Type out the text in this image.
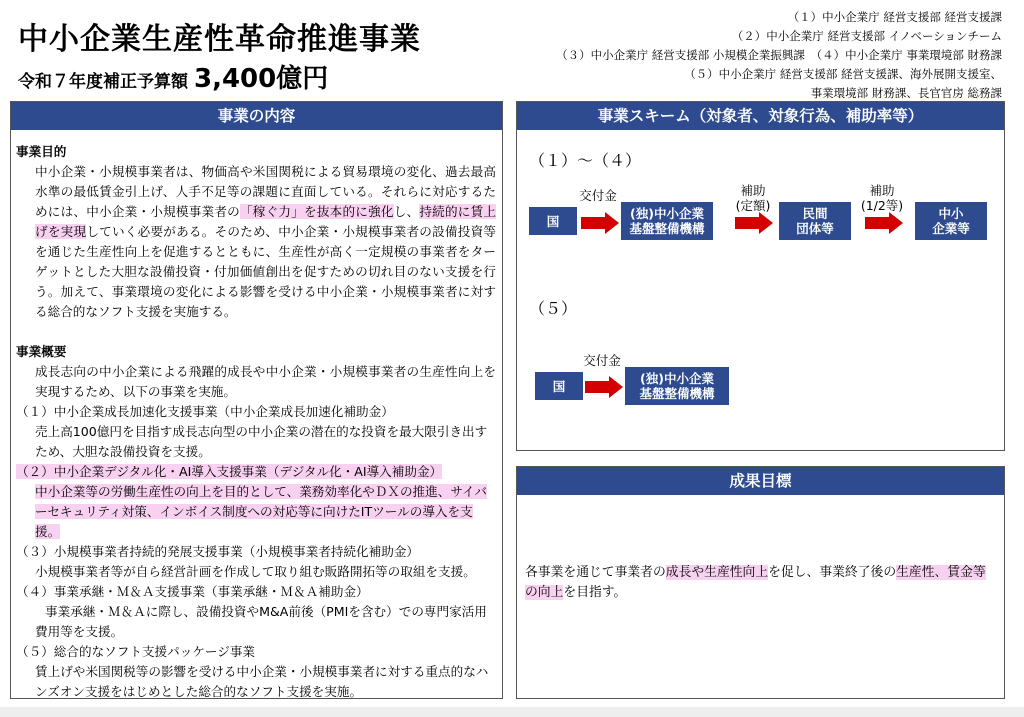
中小企業生産性革命推進事業
令和７年度補正予算額 3,400億円
（１）中小企業庁 経営支援部 経営支援課
（２）中小企業庁 経営支援部 イノベーションチーム
（３）中小企業庁 経営支援部 小規模企業振興課　（４）中小企業庁 事業環境部 財務課
（５）中小企業庁 経営支援部 経営支援課、海外展開支援室、
事業環境部 財務課、長官官房 総務課
事業の内容
事業目的
中小企業・小規模事業者は、物価高や米国関税による貿易環境の変化、過去最高水準の最低賃金引上げ、人手不足等の課題に直面している。それらに対応するためには、中小企業・小規模事業者の「稼ぐ力」を抜本的に強化し、持続的に賃上げを実現していく必要がある。そのため、中小企業・小規模事業者の設備投資等を通じた生産性向上を促進するとともに、生産性が高く一定規模の事業者をターゲットとした大胆な設備投資・付加価値創出を促すための切れ目のない支援を行う。加えて、事業環境の変化による影響を受ける中小企業・小規模事業者に対する総合的なソフト支援を実施する。
事業概要
成長志向の中小企業による飛躍的成長や中小企業・小規模事業者の生産性向上を実現するため、以下の事業を実施。
（１）中小企業成長加速化支援事業（中小企業成長加速化補助金）
売上高100億円を目指す成長志向型の中小企業の潜在的な投資を最大限引き出すため、大胆な設備投資を支援。
（２）中小企業デジタル化・AI導入支援事業（デジタル化・AI導入補助金）
中小企業等の労働生産性の向上を目的として、業務効率化やＤＸの推進、サイバーセキュリティ対策、インボイス制度への対応等に向けたITツールの導入を支援。
（３）小規模事業者持続的発展支援事業（小規模事業者持続化補助金）
小規模事業者等が自ら経営計画を作成して取り組む販路開拓等の取組を支援。
（４）事業承継・Ｍ＆Ａ支援事業（事業承継・Ｍ＆Ａ補助金）
事業承継・Ｍ＆Ａに際し、設備投資やM&A前後（PMIを含む）での専門家活用費用等を支援。
（５）総合的なソフト支援パッケージ事業
賃上げや米国関税等の影響を受ける中小企業・小規模事業者に対する重点的なハンズオン支援をはじめとした総合的なソフト支援を実施。
事業スキーム（対象者、対象行為、補助率等）
（１）～（４）
国
交付金
(独)中小企業
基盤整備機構
補助
(定額)
民間
団体等
補助
(1/2等)
中小
企業等
（５）
国
交付金
(独)中小企業
基盤整備機構
成果目標
各事業を通じて事業者の成長や生産性向上を促し、事業終了後の生産性、賃金等の向上を目指す。
